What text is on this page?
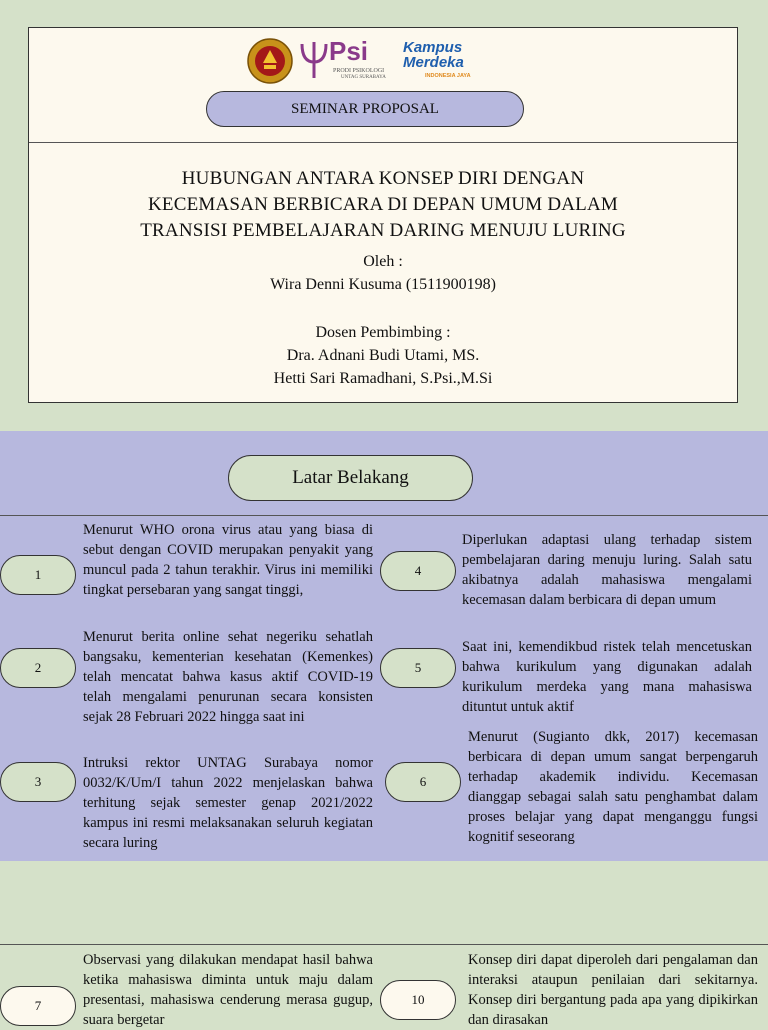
Psi
PRODI PSIKOLOGI
UNTAG SURABAYA
Kampus
Merdeka
INDONESIA JAYA
SEMINAR PROPOSAL
HUBUNGAN ANTARA KONSEP DIRI DENGAN
KECEMASAN BERBICARA DI DEPAN UMUM DALAM
TRANSISI PEMBELAJARAN DARING MENUJU LURING
Oleh :
Wira Denni Kusuma (1511900198)
Dosen Pembimbing :
Dra. Adnani Budi Utami, MS.
Hetti Sari Ramadhani, S.Psi.,M.Si
Latar Belakang
1
Menurut WHO orona virus atau yang biasa di sebut dengan COVID merupakan penyakit yang muncul pada 2 tahun terakhir. Virus ini memiliki tingkat persebaran yang sangat tinggi,
2
Menurut berita online sehat negeriku sehatlah bangsaku, kementerian kesehatan (Kemenkes) telah mencatat bahwa kasus aktif COVID-19 telah mengalami penurunan secara konsisten sejak 28 Februari 2022 hingga saat ini
3
Intruksi rektor UNTAG Surabaya nomor 0032/K/Um/I tahun 2022 menjelaskan bahwa terhitung sejak semester genap 2021/2022 kampus ini resmi melaksanakan seluruh kegiatan secara luring
4
Diperlukan adaptasi ulang terhadap sistem pembelajaran daring menuju luring. Salah satu akibatnya adalah mahasiswa mengalami kecemasan dalam berbicara di depan umum
5
Saat ini, kemendikbud ristek telah mencetuskan bahwa kurikulum yang digunakan adalah kurikulum merdeka yang mana mahasiswa dituntut untuk aktif
6
Menurut (Sugianto dkk, 2017) kecemasan berbicara di depan umum sangat berpengaruh terhadap akademik individu. Kecemasan dianggap sebagai salah satu penghambat dalam proses belajar yang dapat menganggu fungsi kognitif seseorang
7
Observasi yang dilakukan mendapat hasil bahwa ketika mahasiswa diminta untuk maju dalam presentasi, mahasiswa cenderung merasa gugup, suara bergetar
10
Konsep diri dapat diperoleh dari pengalaman dan interaksi ataupun penilaian dari sekitarnya. Konsep diri bergantung pada apa yang dipikirkan dan dirasakan
